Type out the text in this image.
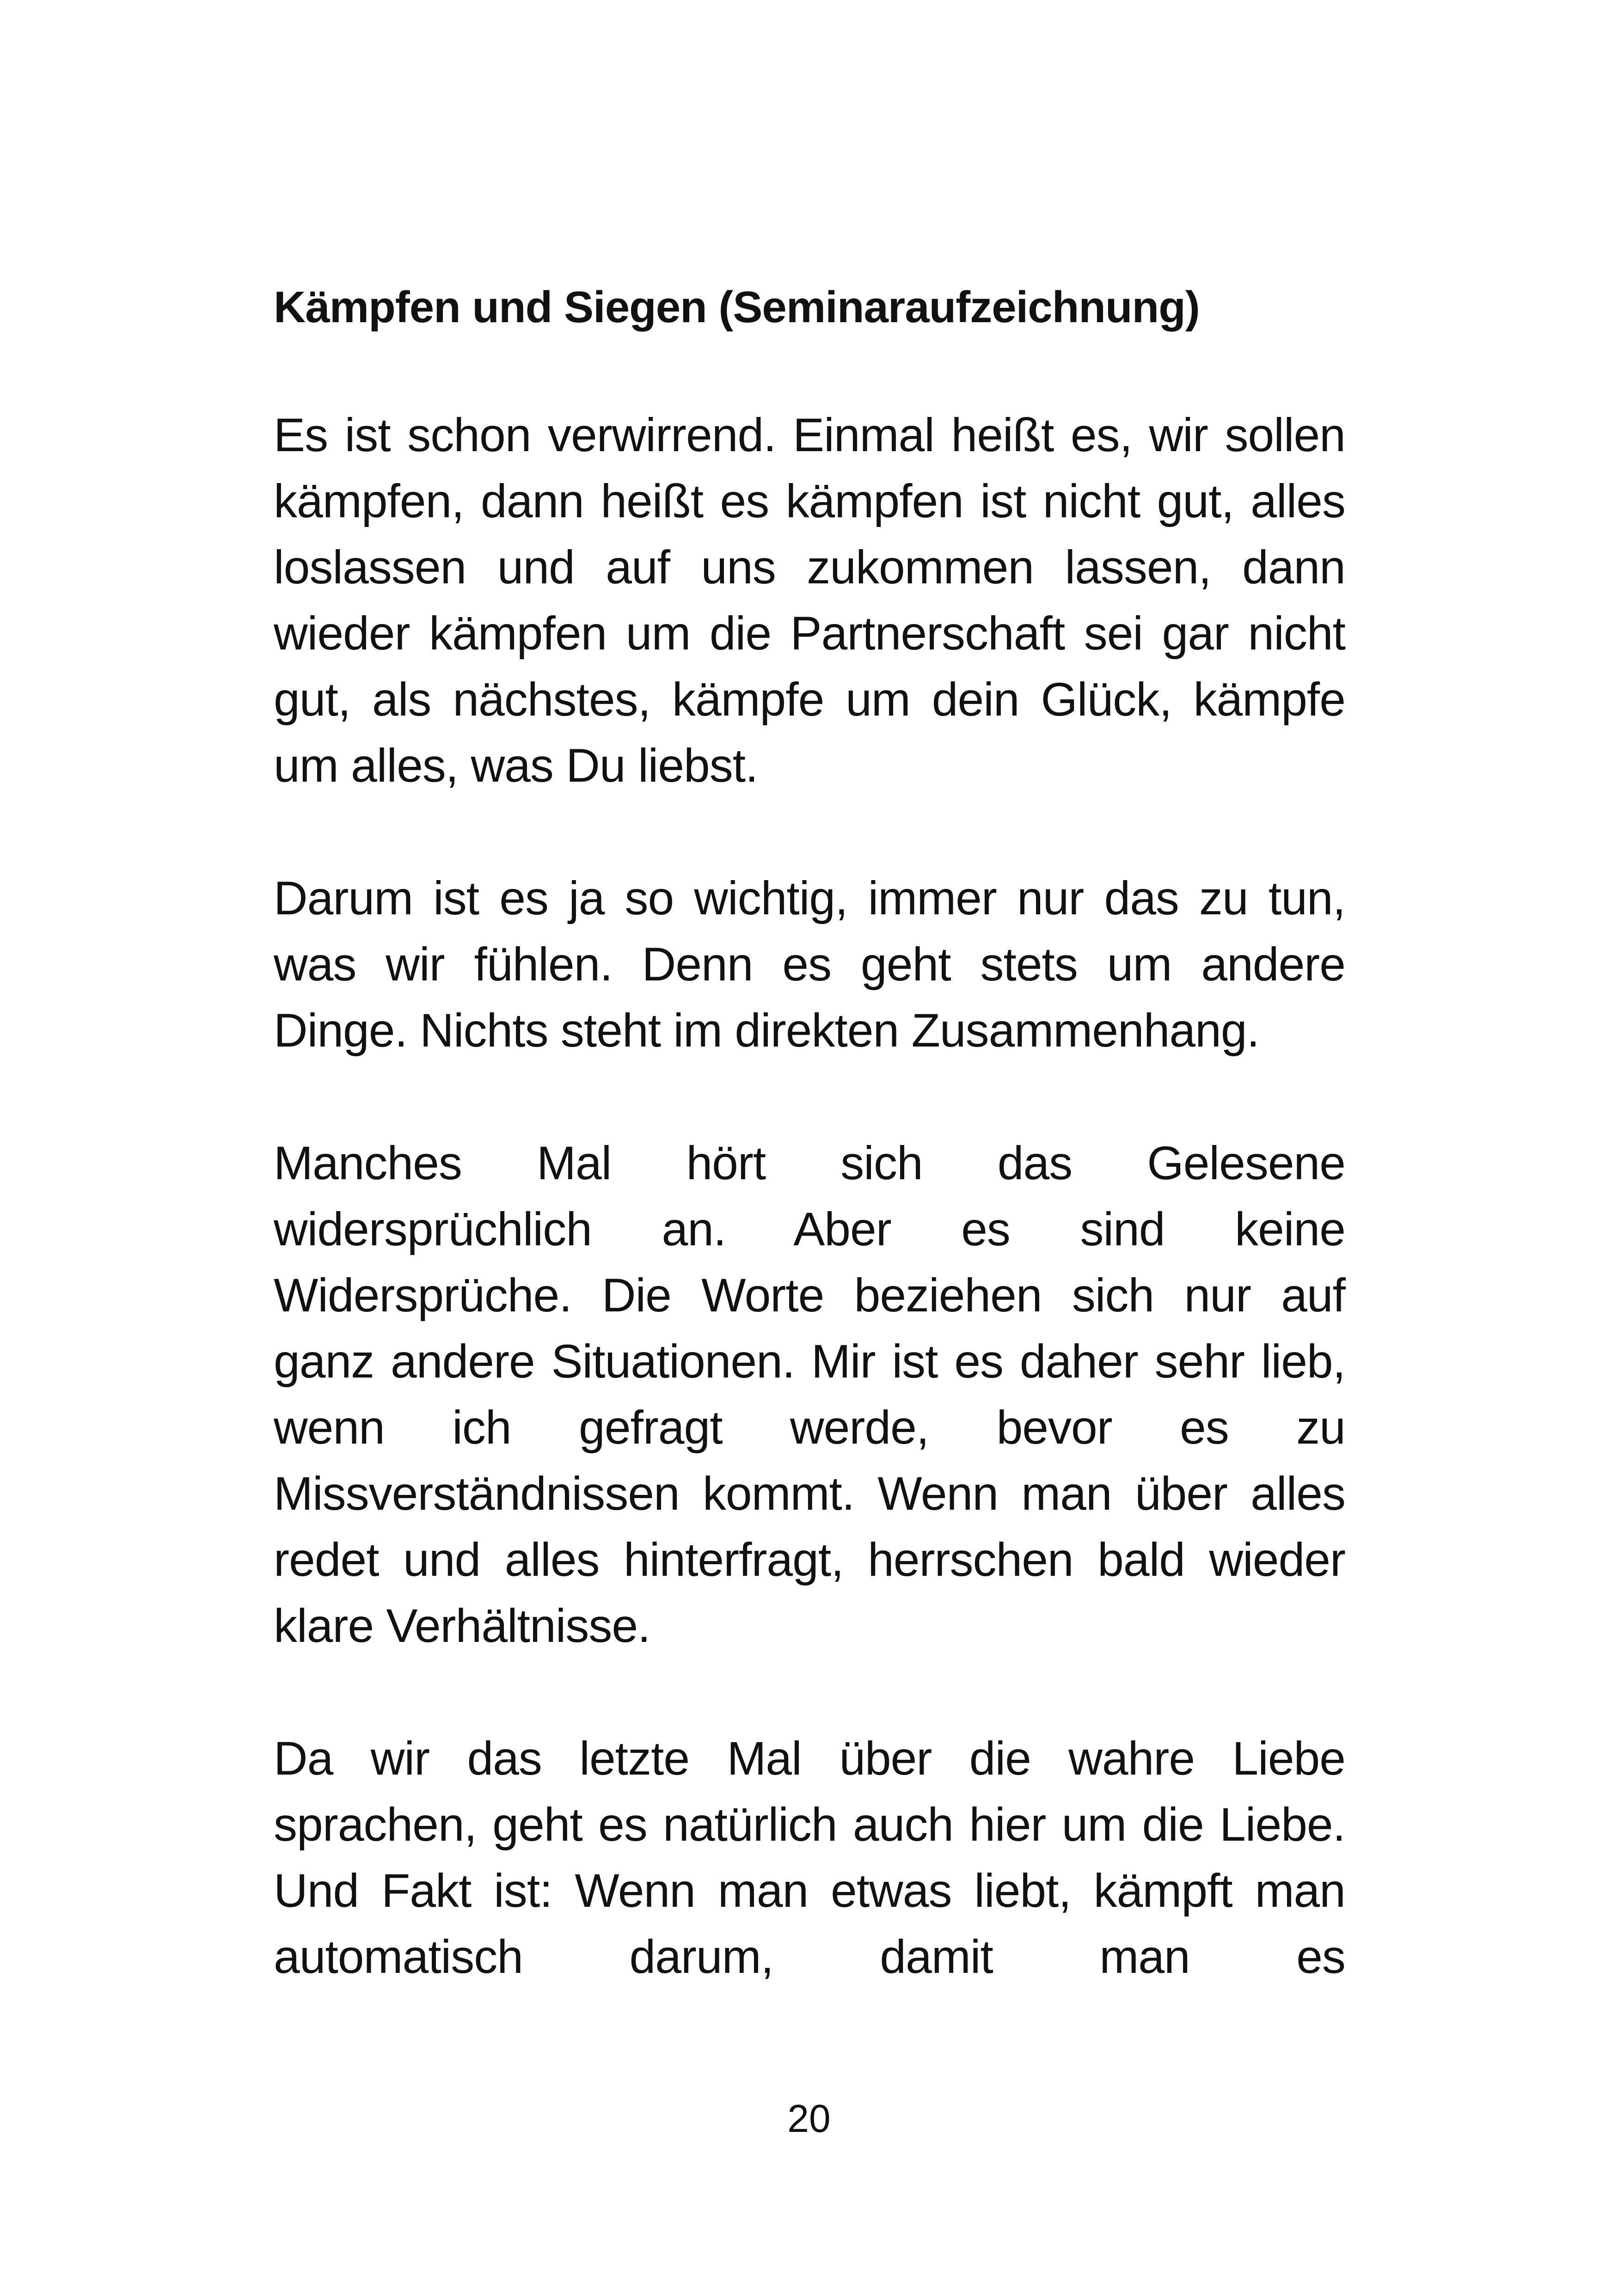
Kämpfen und Siegen (Seminaraufzeichnung)

Es ist schon verwirrend. Einmal heißt es, wir sollen kämpfen, dann heißt es kämpfen ist nicht gut, alles loslassen und auf uns zukommen lassen, dann wieder kämpfen um die Partnerschaft sei gar nicht gut, als nächstes, kämpfe um dein Glück, kämpfe um alles, was Du liebst.

Darum ist es ja so wichtig, immer nur das zu tun, was wir fühlen. Denn es geht stets um andere Dinge. Nichts steht im direkten Zusammenhang.

Manches Mal hört sich das Gelesene widersprüchlich an. Aber es sind keine Widersprüche. Die Worte beziehen sich nur auf ganz andere Situationen. Mir ist es daher sehr lieb, wenn ich gefragt werde, bevor es zu Missverständnissen kommt. Wenn man über alles redet und alles hinterfragt, herrschen bald wieder klare Verhältnisse.

Da wir das letzte Mal über die wahre Liebe sprachen, geht es natürlich auch hier um die Liebe. Und Fakt ist: Wenn man etwas liebt, kämpft man automatisch darum, damit man es

20
